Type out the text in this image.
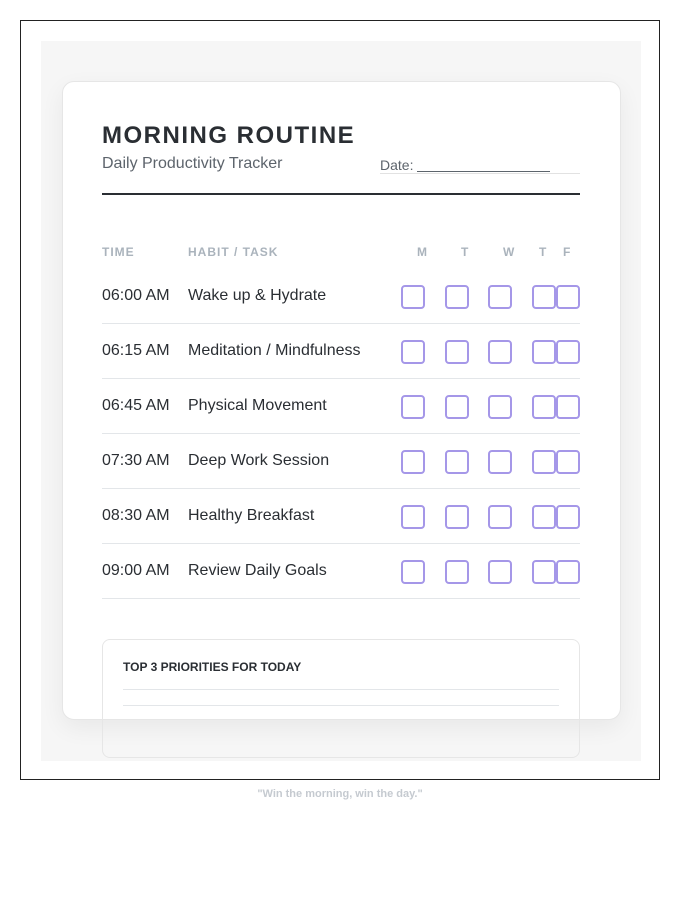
MORNING ROUTINE
Daily Productivity Tracker	Date:
TIME	HABIT / TASK	M	T	W T F
06:00 AM Wake up & Hydrate
06:15 AM Meditation / Mindfulness
06:45 AM Physical Movement
07:30 AM Deep Work Session
08:30 AM Healthy Breakfast
09:00 AM Review Daily Goals
TOP 3 PRIORITIES FOR TODAY
"Win the morning, win the day."
